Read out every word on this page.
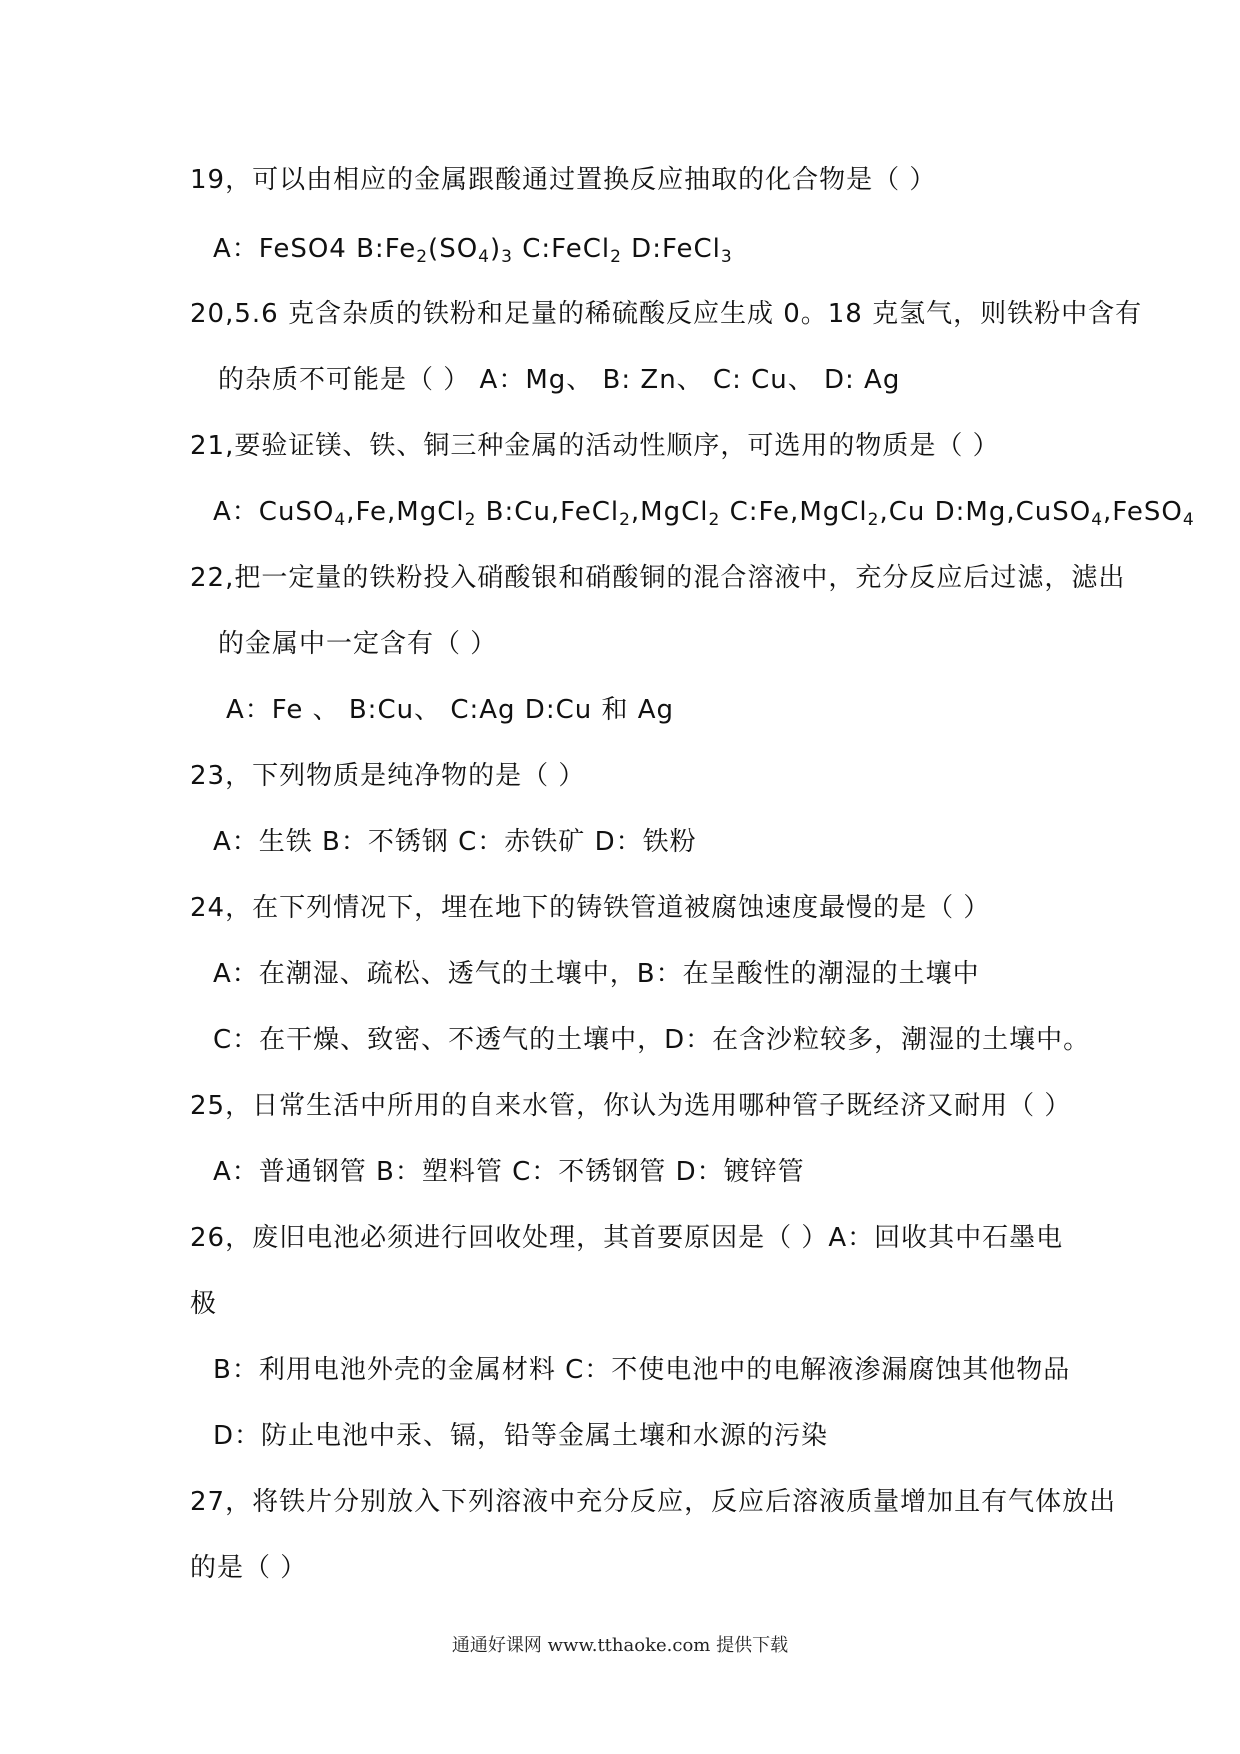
19，可以由相应的金属跟酸通过置换反应抽取的化合物是（ ）
A：FeSO4 $B:Fe_2(SO_4)_3$ C:FeCl$_2$ D:FeCl$_3$
20,5.6 克含杂质的铁粉和足量的稀硫酸反应生成 0。18 克氢气，则铁粉中含有
的杂质不可能是（ ） A：Mg、 B: Zn、 C: Cu、 D: Ag
21,要验证镁、铁、铜三种金属的活动性顺序，可选用的物质是（ ）
A：CuSO$_4$,Fe,MgCl$_2$ B:Cu,FeCl$_2$,MgCl$_2$ C:Fe,MgCl$_2$,Cu D:Mg,CuSO$_4$,FeSO$_4$
22,把一定量的铁粉投入硝酸银和硝酸铜的混合溶液中，充分反应后过滤，滤出
的金属中一定含有（ ）
A：Fe 、 B:Cu、 C:Ag D:Cu 和 Ag
23，下列物质是纯净物的是（ ）
A：生铁 B：不锈钢 C：赤铁矿 D：铁粉
24，在下列情况下，埋在地下的铸铁管道被腐蚀速度最慢的是（ ）
A：在潮湿、疏松、透气的土壤中，B：在呈酸性的潮湿的土壤中
C：在干燥、致密、不透气的土壤中，D：在含沙粒较多，潮湿的土壤中。
25，日常生活中所用的自来水管，你认为选用哪种管子既经济又耐用（ ）
A：普通钢管 B：塑料管 C：不锈钢管 D：镀锌管
26，废旧电池必须进行回收处理，其首要原因是（ ）A：回收其中石墨电
极
B：利用电池外壳的金属材料 C：不使电池中的电解液渗漏腐蚀其他物品
D：防止电池中汞、镉，铅等金属土壤和水源的污染
27，将铁片分别放入下列溶液中充分反应，反应后溶液质量增加且有气体放出
的是（ ）
通通好课网 www.tthaoke.com 提供下载
